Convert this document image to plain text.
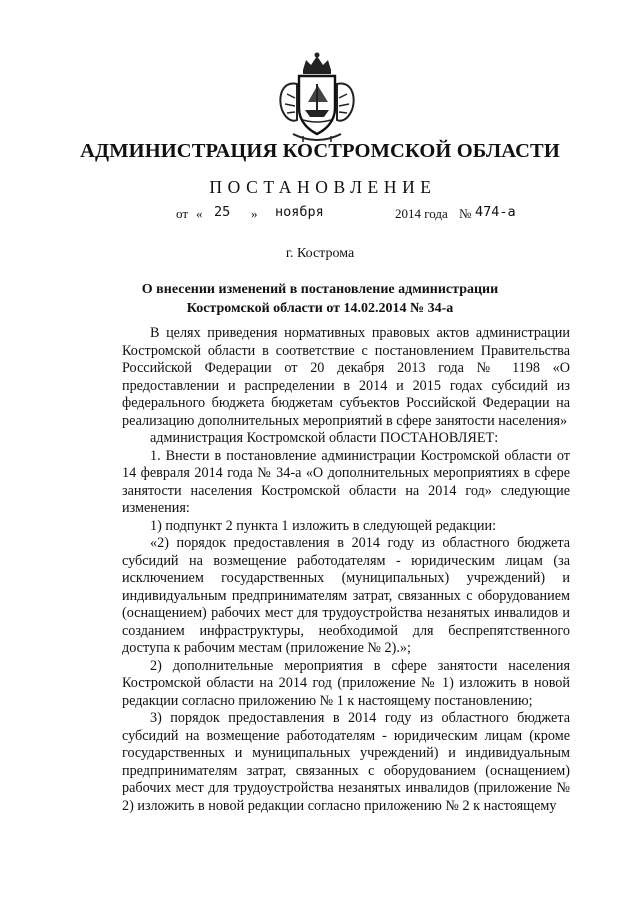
АДМИНИСТРАЦИЯ КОСТРОМСКОЙ ОБЛАСТИ
ПОСТАНОВЛЕНИЕ
от « 25 » ноября	2014 года № 474-а
г. Кострома
О внесении изменений в постановление администрации
Костромской области от 14.02.2014 № 34-а

В целях приведения нормативных правовых актов администрации Костромской области в соответствие с постановлением Правительства Российской Федерации от 20 декабря 2013 года № 1198 «О предоставлении и распределении в 2014 и 2015 годах субсидий из федерального бюджета бюджетам субъектов Российской Федерации на реализацию дополнительных мероприятий в сфере занятости населения»

администрация Костромской области ПОСТАНОВЛЯЕТ:

1. Внести в постановление администрации Костромской области от 14 февраля 2014 года № 34-а «О дополнительных мероприятиях в сфере занятости населения Костромской области на 2014 год» следующие изменения:

1) подпункт 2 пункта 1 изложить в следующей редакции:

«2) порядок предоставления в 2014 году из областного бюджета субсидий на возмещение работодателям - юридическим лицам (за исключением государственных (муниципальных) учреждений) и индивидуальным предпринимателям затрат, связанных с оборудованием (оснащением) рабочих мест для трудоустройства незанятых инвалидов и созданием инфраструктуры, необходимой для беспрепятственного доступа к рабочим местам (приложение № 2).»;

2) дополнительные мероприятия в сфере занятости населения Костромской области на 2014 год (приложение № 1) изложить в новой редакции согласно приложению № 1 к настоящему постановлению;

3) порядок предоставления в 2014 году из областного бюджета субсидий на возмещение работодателям - юридическим лицам (кроме государственных и муниципальных учреждений) и индивидуальным предпринимателям затрат, связанных с оборудованием (оснащением) рабочих мест для трудоустройства незанятых инвалидов (приложение № 2) изложить в новой редакции согласно приложению № 2 к настоящему
